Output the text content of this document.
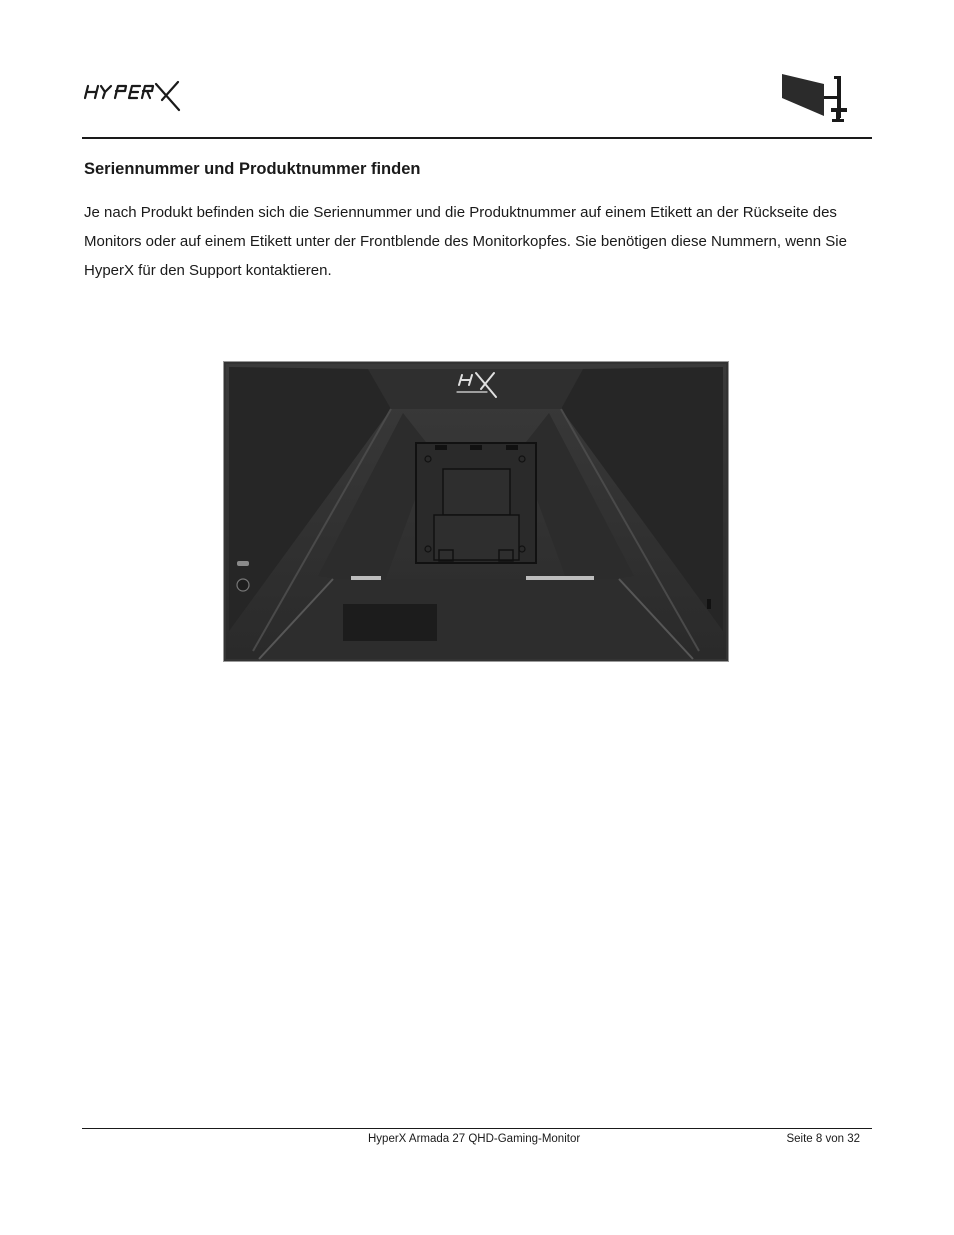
Seriennummer und Produktnummer finden

Je nach Produkt befinden sich die Seriennummer und die Produktnummer auf einem Etikett an der Rückseite des Monitors oder auf einem Etikett unter der Frontblende des Monitorkopfes. Sie benötigen diese Nummern, wenn Sie HyperX für den Support kontaktieren.

HyperX Armada 27 QHD-Gaming-Monitor	Seite 8 von 32
